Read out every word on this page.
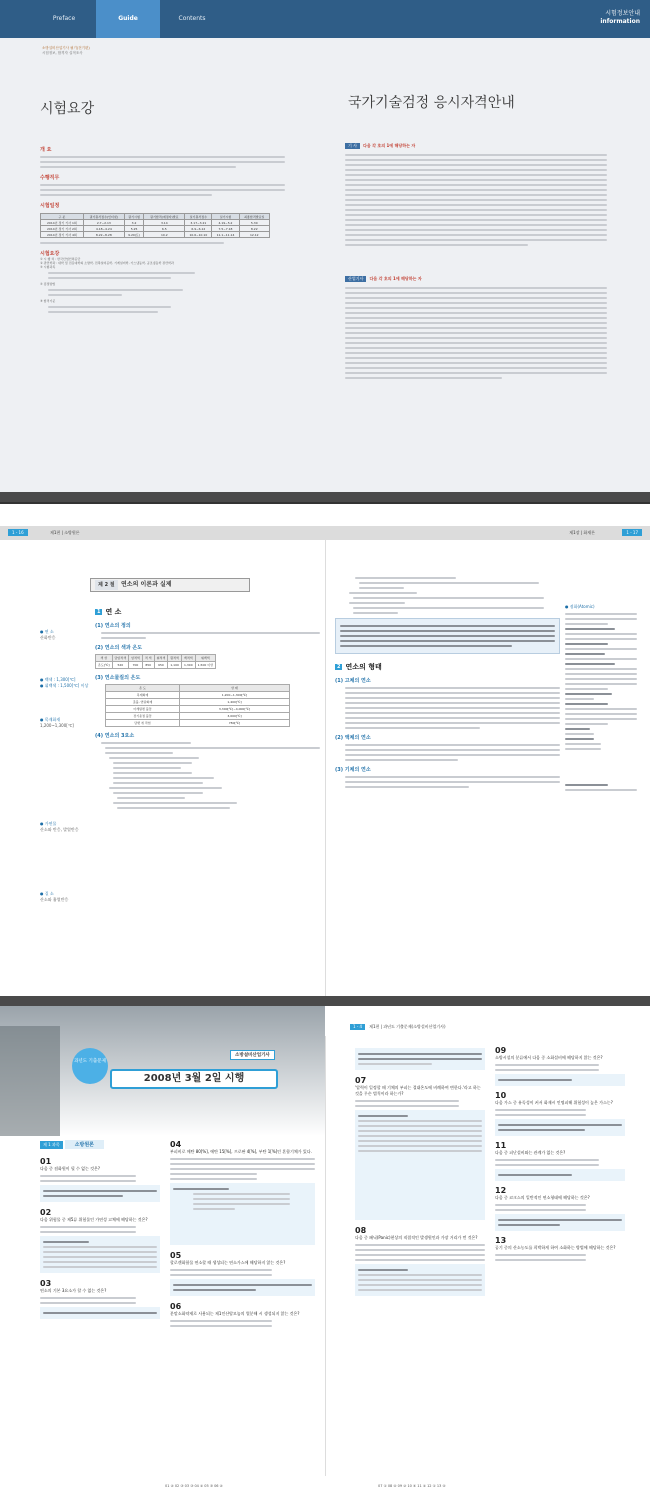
Preface	Guide	Contents
시험정보안내
information
소방설비산업기사 필기(전기편)
시험정보, 합격자 실적조사
시험요강	국가기술검정 응시자격안내
개 요
수행직무
시험일정
구 분	필기원서접수(인터넷)	필기시험	필기합격(예정자)발표	실기원서접수	실기시험	최종합격발표일
2014년 정기 기사 1회	2.7~2.13	3.2	3.14	3.17~3.21	4.19~5.2	5.30
2014년 정기 기사 2회	4.18~4.24	5.25	6.5	6.9~6.12	7.5~7.18	8.22
2014년 정기 기사 4회	8.22~8.28	9.20(토)	10.2	10.6~10.10	11.1~11.14	12.12
시험요강
① 시 행 처 : 한국산업인력공단
② 관련학과 : 대학 및 전문대학의 소방학, 전축설비공학, 기계설비학, 가스냉동학, 공조냉동학 관련학과
③ 시험과목
④ 검정방법
⑤ 합격기준
기 사 다음 각 호의 1에 해당하는 자
산업기사 다음 각 호의 1에 해당하는 자
1 - 16	제1편 | 소방원론	제1장 | 화재론	1 - 17
제 2 절	연소의 이론과 실제
● 연 소
산화반응
● 백색 : 1,300[℃]
● 휘백색 : 1,500[℃] 이상
● 목재화재
1,200~1,300[℃]
● 가연물
산소와 반응, 발열반응
● 질 소
산소와 흡열반응
1 연 소
(1) 연소의 정의
(2) 연소의 색과 온도
색 상	담암적색	암적색	적 색	휘적색	황적색	백적색	휘백색
온도[℃]	520	700	850	950	1,100	1,300	1,500 이상
(3) 연소물질의 온도
온 도	상 태
목재화재	1,200~1,300[℃]
촛불, 연탄화재	1,400[℃]
아세틸렌 불꽃	3,300[℃]~4,000[℃]
전기용접 불꽃	3,000[℃]
담뱃 취 작업	780[℃]
(4) 연소의 3요소
2 연소의 형태
(1) 고체의 연소
(2) 액체의 연소
(3) 기체의 연소
● 점화(Atomic)
소방설비산업기사
과년도 기출문제
2008년 3월 2일 시행
1 - 4	제1편 | 과년도 기출문제(소방설비산업기사)
제 1 과목	소방원론
01
다음 중 점화원이 될 수 없는 것은?
02
다음 위험물 중 제5류 위험물인 가연성 고체에 해당하는 것은?
03
연소의 기본 3요소가 할 수 없는 것은?
04
부피비로 메탄 80[%], 에탄 15[%], 프로판 4[%], 부탄 1[%]인 혼합기체가 있다.
05
할로겐화합물 연소할 때 생성되는 연소가스에 해당하지 않는 것은?
06
분말소화약제로 사용되는 제1인산암모늄의 열분해 시 생성되지 않는 것은?
07
'압력이 일정할 때 기체의 부피는 절대온도에 비례하여 변한다.'라고 하는 것을 무슨 법칙이라 하는가?
08
다음 중 패닉(Panic)현상의 직접적인 발생원인과 가장 거리가 먼 것은?
09
소방시설의 분류에서 다음 중 소화설비에 해당하지 않는 것은?
10
다음 가스 중 유독성이 커서 화재시 인명피해 위험성이 높은 가스는?
11
다음 중 피난설비와는 관계가 없는 것은?
12
다음 중 코크스의 일반적인 연소형태에 해당하는 것은?
13
공기 중의 산소농도를 희박하게 하여 소화하는 방법에 해당하는 것은?
01 ② 02 ③ 03 ③ 04 ② 05 ③ 06 ②	07 ① 08 ④ 09 ② 10 ④ 11 ② 12 ① 13 ④
